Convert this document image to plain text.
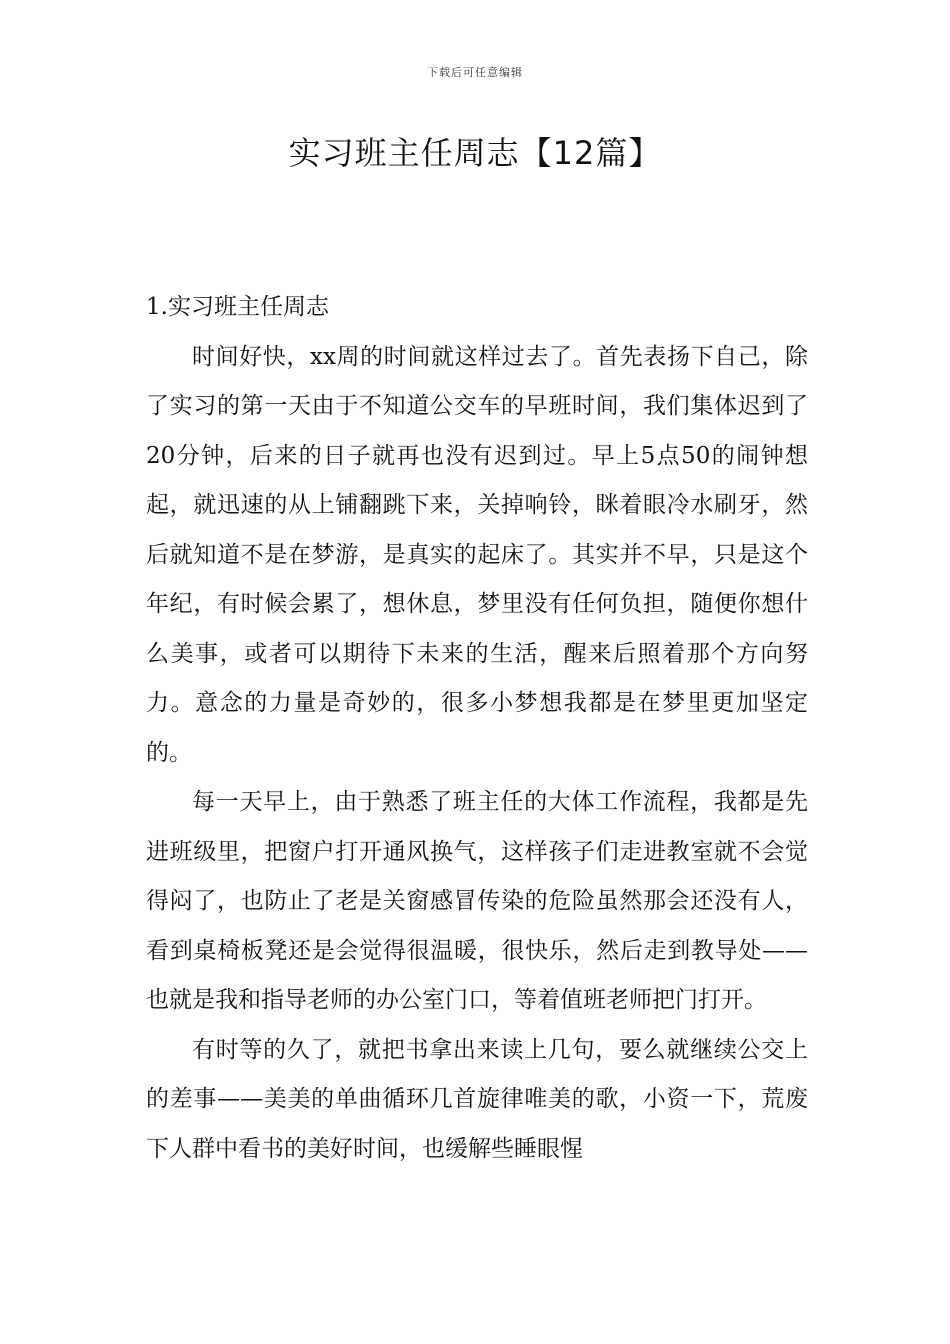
下载后可任意编辑
实习班主任周志【12篇】
1.实习班主任周志

时间好快，xx周的时间就这样过去了。首先表扬下自己，除了实习的第一天由于不知道公交车的早班时间，我们集体迟到了20分钟，后来的日子就再也没有迟到过。早上5点50的闹钟想起，就迅速的从上铺翻跳下来，关掉响铃，眯着眼冷水刷牙，然后就知道不是在梦游，是真实的起床了。其实并不早，只是这个年纪，有时候会累了，想休息，梦里没有任何负担，随便你想什么美事，或者可以期待下未来的生活，醒来后照着那个方向努力。意念的力量是奇妙的，很多小梦想我都是在梦里更加坚定的。

每一天早上，由于熟悉了班主任的大体工作流程，我都是先进班级里，把窗户打开通风换气，这样孩子们走进教室就不会觉得闷了，也防止了老是关窗感冒传染的危险虽然那会还没有人，看到桌椅板凳还是会觉得很温暖，很快乐，然后走到教导处——也就是我和指导老师的办公室门口，等着值班老师把门打开。

有时等的久了，就把书拿出来读上几句，要么就继续公交上的差事——美美的单曲循环几首旋律唯美的歌，小资一下，荒废下人群中看书的美好时间，也缓解些睡眼惺
